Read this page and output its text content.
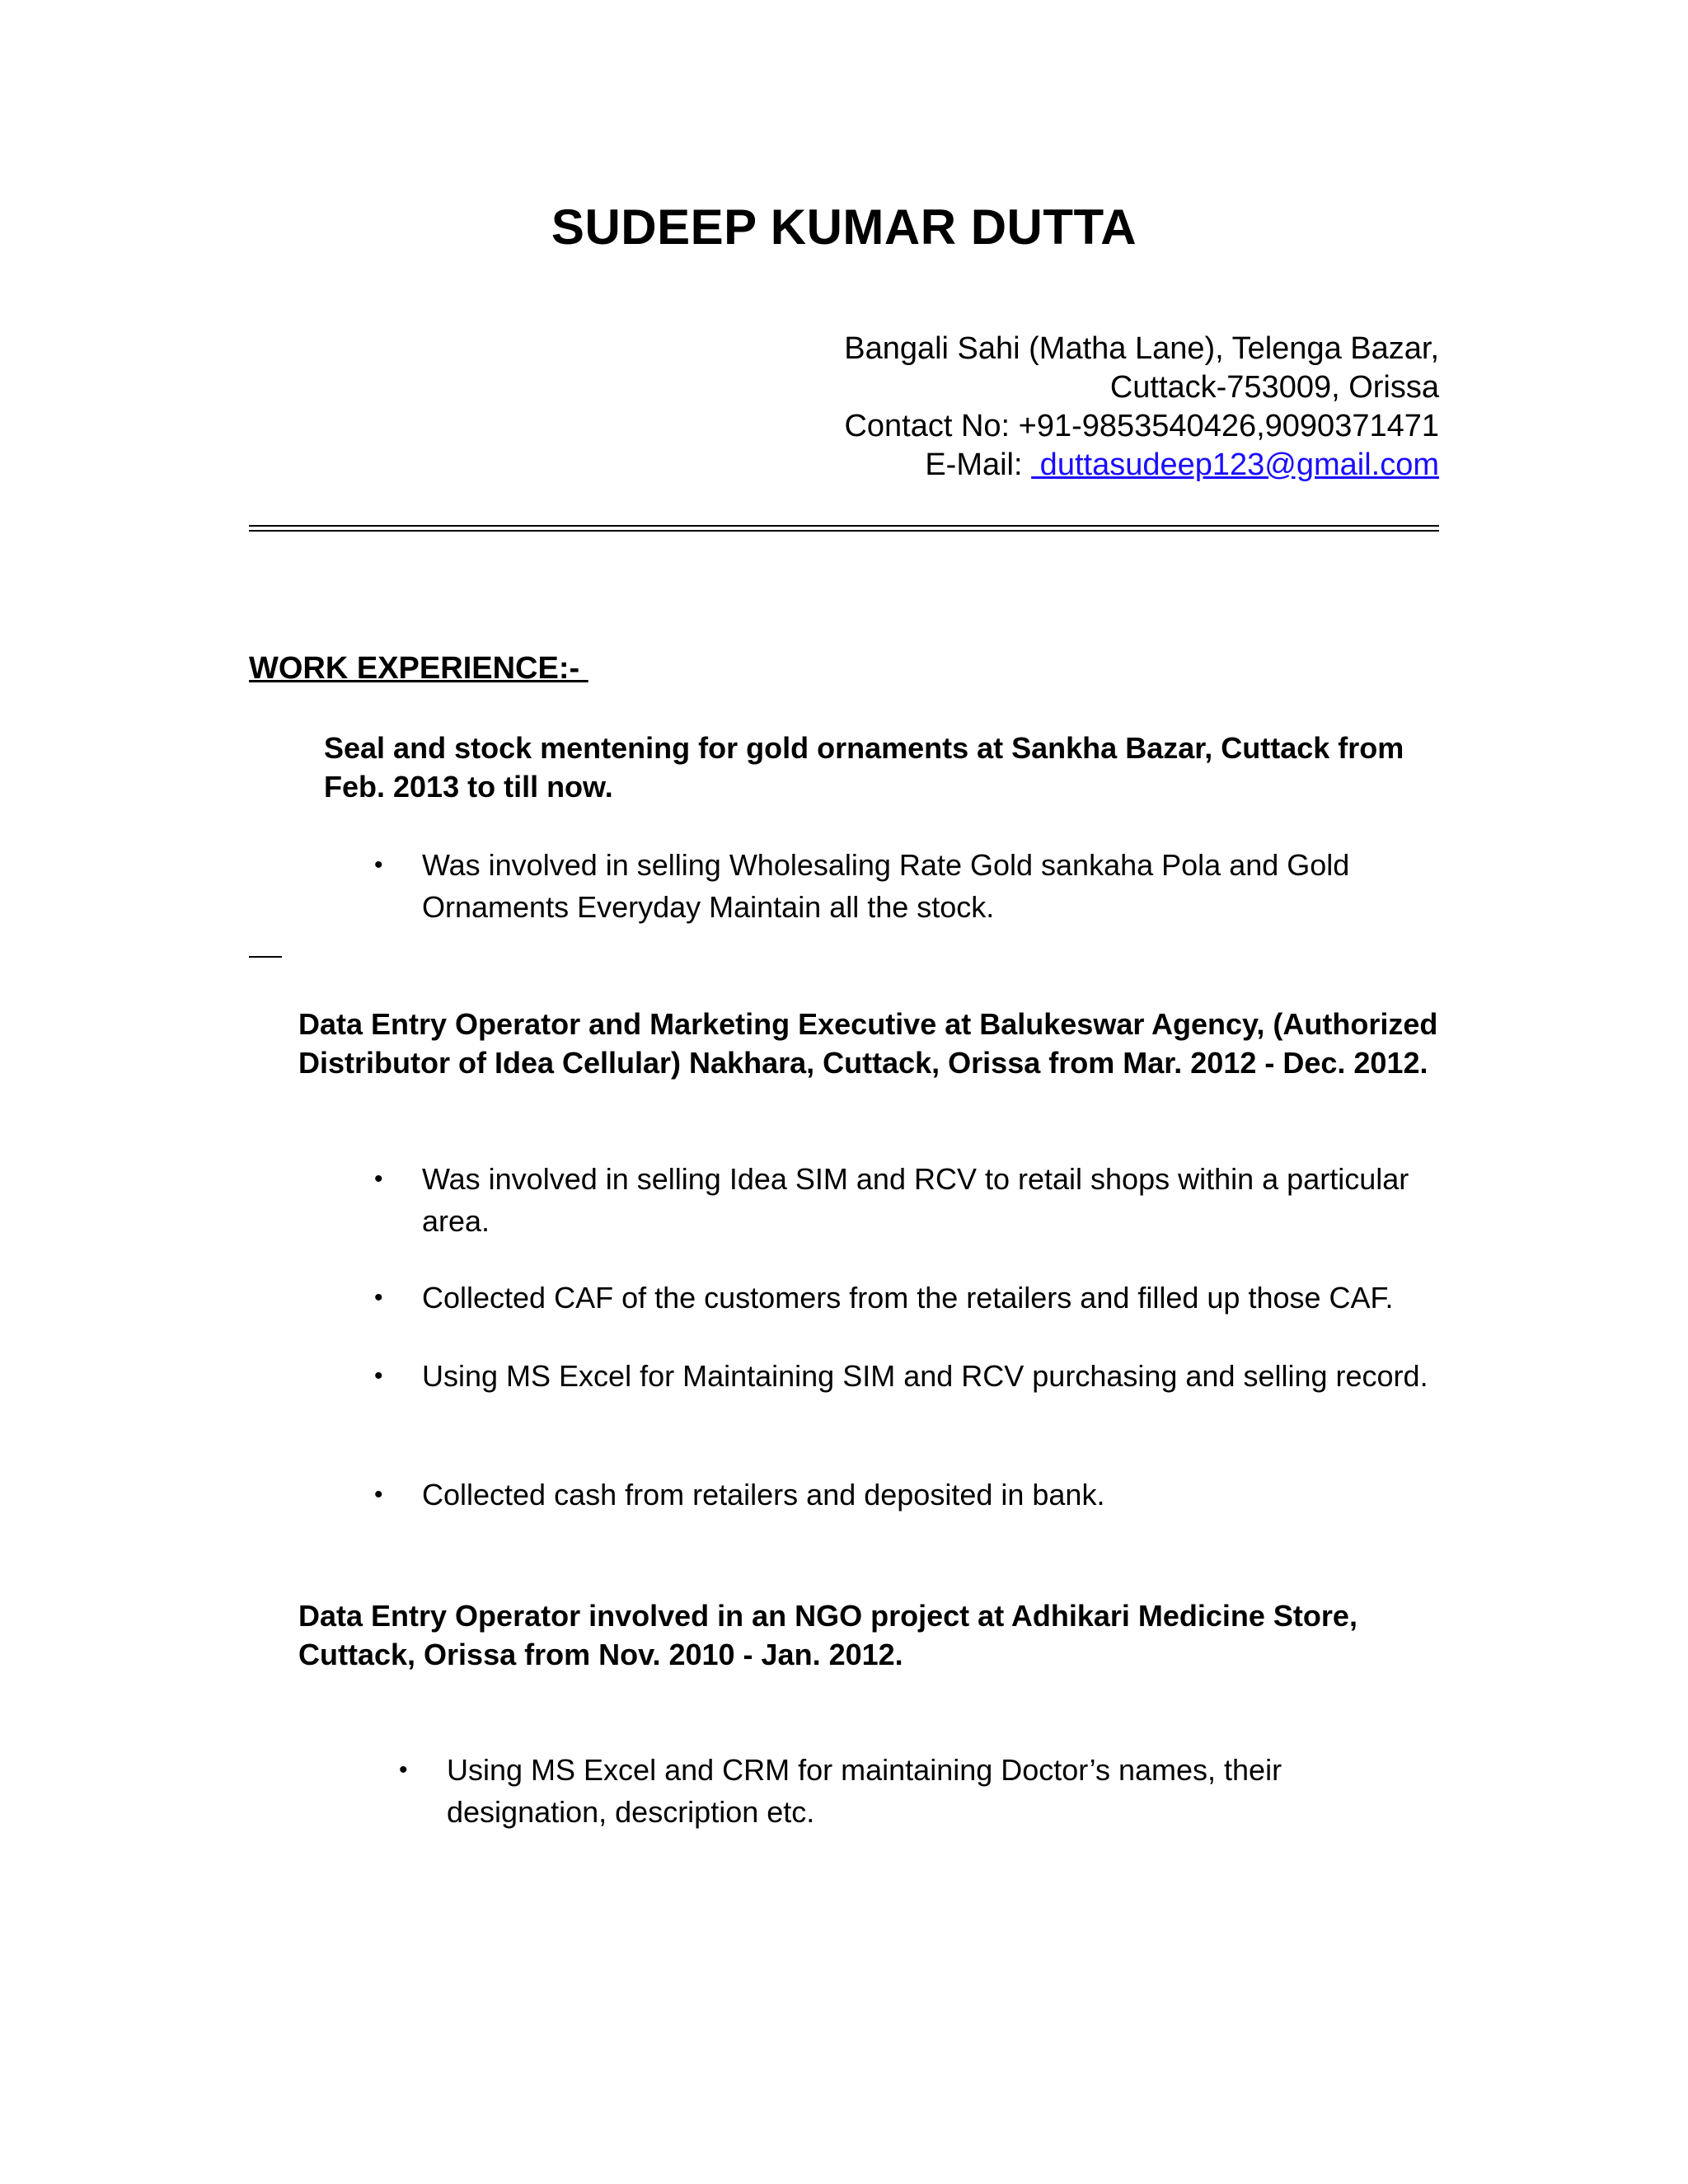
SUDEEP KUMAR DUTTA
Bangali Sahi (Matha Lane), Telenga Bazar,
Cuttack-753009, Orissa
Contact No: +91-9853540426,9090371471
E-Mail:  duttasudeep123@gmail.com
WORK EXPERIENCE:-
Seal and stock mentening for gold ornaments at Sankha Bazar, Cuttack from Feb. 2013 to till now.
• Was involved in selling Wholesaling Rate Gold sankaha Pola and Gold Ornaments Everyday Maintain all the stock.
Data Entry Operator and Marketing Executive at Balukeswar Agency, (Authorized Distributor of Idea Cellular) Nakhara, Cuttack, Orissa from Mar. 2012 - Dec. 2012.
• Was involved in selling Idea SIM and RCV to retail shops within a particular area.
• Collected CAF of the customers from the retailers and filled up those CAF.
• Using MS Excel for Maintaining SIM and RCV purchasing and selling record.
• Collected cash from retailers and deposited in bank.
Data Entry Operator involved in an NGO project at Adhikari Medicine Store, Cuttack, Orissa from Nov. 2010 - Jan. 2012.
• Using MS Excel and CRM for maintaining Doctor’s names, their designation, description etc.
